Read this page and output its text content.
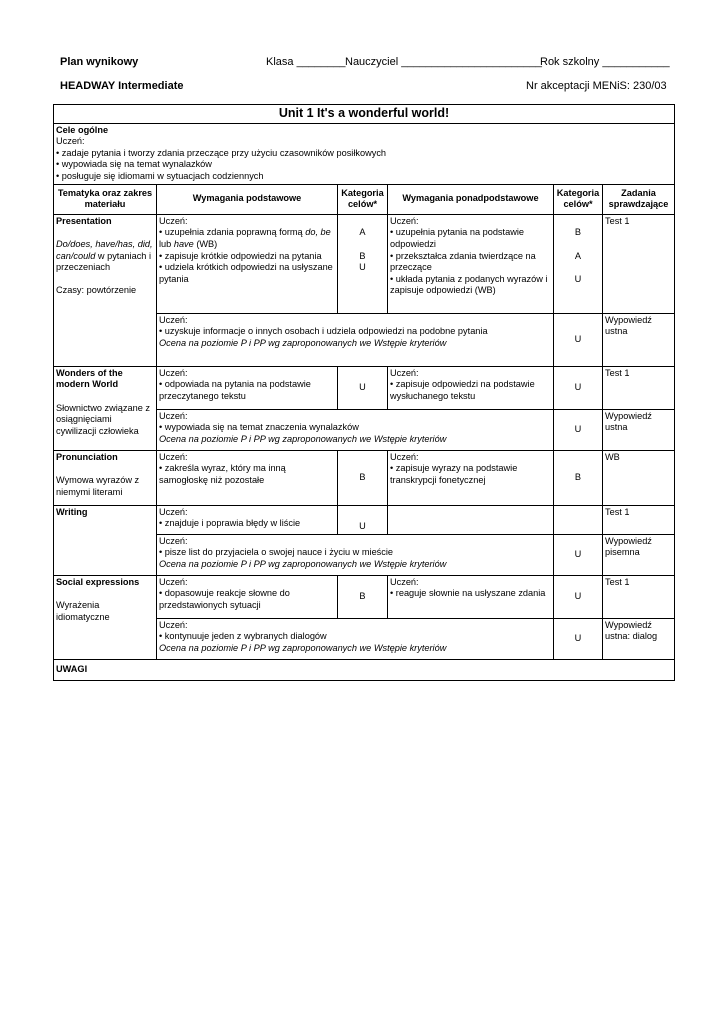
Plan wynikowy	Klasa ________ Nauczyciel _______________________
Rok szkolny ___________
HEADWAY Intermediate	Nr akceptacji MENiS: 230/03
Unit 1 It's a wonderful world!					

Cele ogólne
Uczeń:
• zadaje pytania i tworzy zdania przeczące przy użyciu czasowników posiłkowych
• wypowiada się na temat wynalazków
• posługuje się idiomami w sytuacjach codziennych					

Tematyka oraz zakres materiału	Wymagania podstawowe	Kategoria celów*	Wymagania ponadpodstawowe	Kategoria celów*	Zadania sprawdzające

Presentation
Do/does, have/has, did, can/could w pytaniach i przeczeniach
Czasy: powtórzenie	Uczeń:
• uzupełnia zdania poprawną formą do, be lub have (WB)
• zapisuje krótkie odpowiedzi na pytania
• udziela krótkich odpowiedzi na usłyszane pytania	A
B
U	Uczeń:
• uzupełnia pytania na podstawie odpowiedzi
• przekształca zdania twierdzące na przeczące
• układa pytania z podanych wyrazów i zapisuje odpowiedzi (WB)	B
A
U	Test 1

	Uczeń:
• uzyskuje informacje o innych osobach i udziela odpowiedzi na podobne pytania
Ocena na poziomie P i PP wg zaproponowanych we Wstępie kryteriów			U	Wypowiedź ustna

Wonders of the modern World
Słownictwo związane z osiągnięciami cywilizacji człowieka	Uczeń:
• odpowiada na pytania na podstawie przeczytanego tekstu	U	Uczeń:
• zapisuje odpowiedzi na podstawie wysłuchanego tekstu	U	Test 1

	Uczeń:
• wypowiada się na temat znaczenia wynalazków
Ocena na poziomie P i PP wg zaproponowanych we Wstępie kryteriów			U	Wypowiedź ustna

Pronunciation
Wymowa wyrazów z niemymi literami	Uczeń:
• zakreśla wyraz, który ma inną samogłoskę niż pozostałe	B	Uczeń:
• zapisuje wyrazy na podstawie transkrypcji fonetycznej	B	WB

Writing	Uczeń:
• znajduje i poprawia błędy w liście	U			Test 1

	Uczeń:
• pisze list do przyjaciela o swojej nauce i życiu w mieście
Ocena na poziomie P i PP wg zaproponowanych we Wstępie kryteriów			U	Wypowiedź pisemna

Social expressions
Wyrażenia idiomatyczne	Uczeń:
• dopasowuje reakcje słowne do przedstawionych sytuacji	B	Uczeń:
• reaguje słownie na usłyszane zdania	U	Test 1

	Uczeń:
• kontynuuje jeden z wybranych dialogów
Ocena na poziomie P i PP wg zaproponowanych we Wstępie kryteriów			U	Wypowiedź ustna: dialog
UWAGI					
